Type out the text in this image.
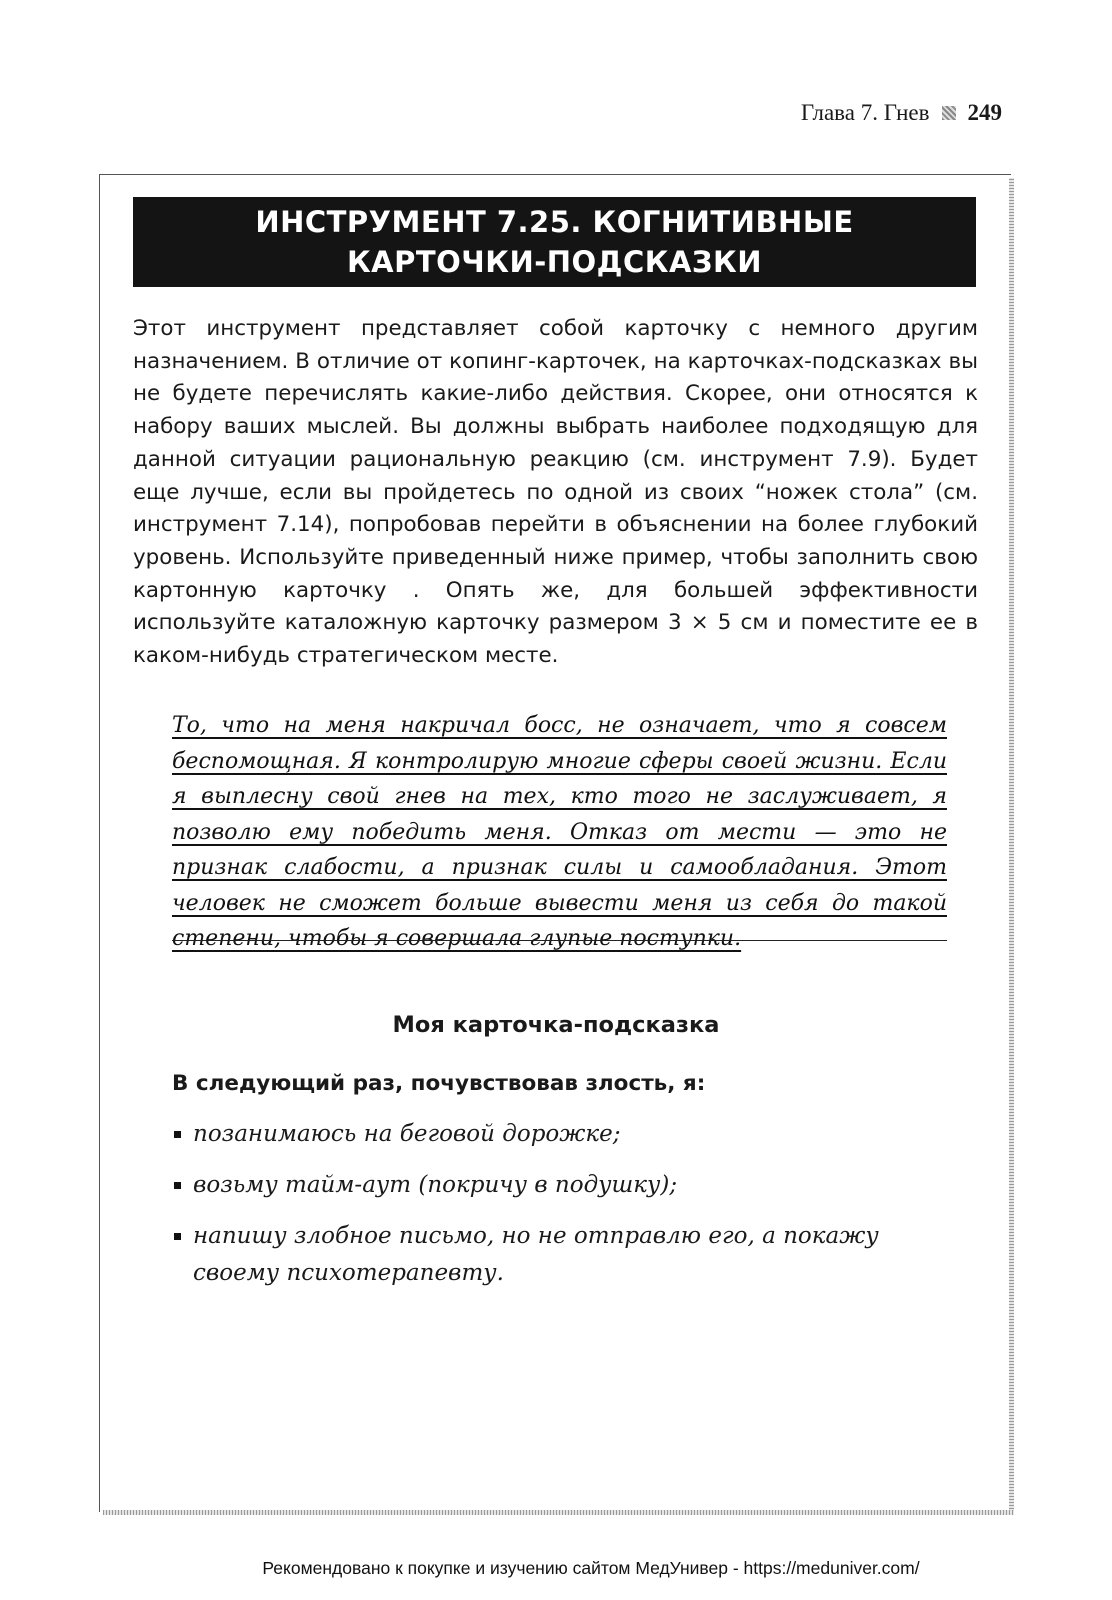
Глава 7. Гнев 249
ИНСТРУМЕНТ 7.25. КОГНИТИВНЫЕ
КАРТОЧКИ-ПОДСКАЗКИ

Этот инструмент представляет собой карточку с немного другим назначением. В отличие от копинг-карточек, на карточках-подсказках вы не будете перечислять какие-либо действия. Скорее, они относятся к набору ваших мыслей. Вы должны выбрать наиболее подходящую для данной ситуации рациональную реакцию (см. инструмент 7.9). Будет еще лучше, если вы пройдетесь по одной из своих “ножек стола” (см. инструмент 7.14), попробовав перейти в объяснении на более глубокий уровень. Используйте приведенный ниже пример, чтобы заполнить свою картонную карточку . Опять же, для большей эффективности используйте каталожную карточку размером 3 × 5 см и поместите ее в каком-нибудь стратегическом месте.

То, что на меня накричал босс, не означает, что я совсем беспомощная. Я контролирую многие сферы своей жизни. Если я выплесну свой гнев на тех, кто того не заслуживает, я позволю ему победить меня. Отказ от мести — это не признак слабости, а признак силы и самообладания. Этот человек не сможет больше вывести меня из себя до такой степени, чтобы я совершала глупые поступки.

Моя карточка-подсказка
В следующий раз, почувствовав злость, я:
позанимаюсь на беговой дорожке;
возьму тайм-аут (покричу в подушку);
напишу злобное письмо, но не отправлю его, а покажу своему психотерапевту.
Рекомендовано к покупке и изучению сайтом МедУнивер - https://meduniver.com/
